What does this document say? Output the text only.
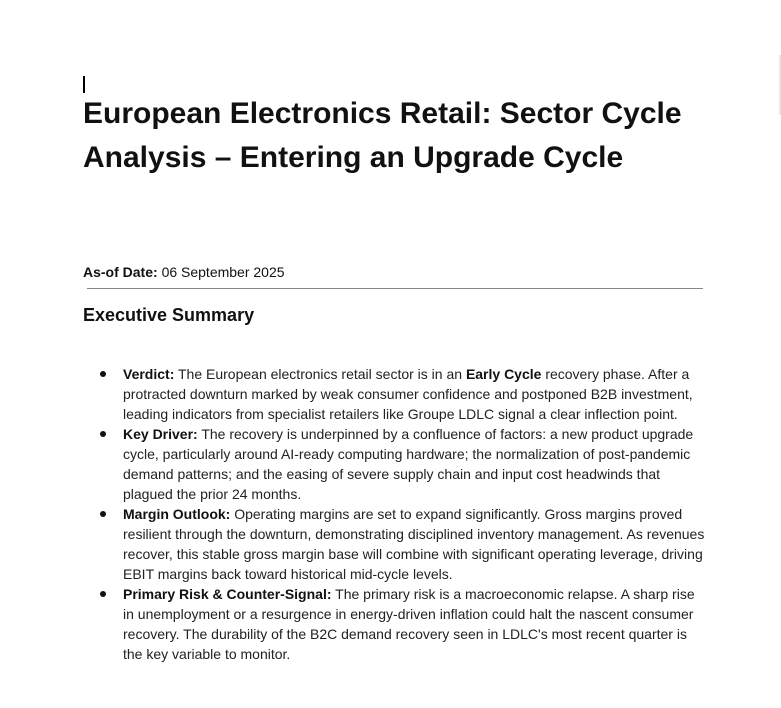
European Electronics Retail: Sector Cycle Analysis – Entering an Upgrade Cycle
As-of Date: 06 September 2025
Executive Summary
Verdict: The European electronics retail sector is in an Early Cycle recovery phase. After a protracted downturn marked by weak consumer confidence and postponed B2B investment, leading indicators from specialist retailers like Groupe LDLC signal a clear inflection point.
Key Driver: The recovery is underpinned by a confluence of factors: a new product upgrade cycle, particularly around AI-ready computing hardware; the normalization of post-pandemic demand patterns; and the easing of severe supply chain and input cost headwinds that plagued the prior 24 months.
Margin Outlook: Operating margins are set to expand significantly. Gross margins proved resilient through the downturn, demonstrating disciplined inventory management. As revenues recover, this stable gross margin base will combine with significant operating leverage, driving EBIT margins back toward historical mid-cycle levels.
Primary Risk & Counter-Signal: The primary risk is a macroeconomic relapse. A sharp rise in unemployment or a resurgence in energy-driven inflation could halt the nascent consumer recovery. The durability of the B2C demand recovery seen in LDLC's most recent quarter is the key variable to monitor.
